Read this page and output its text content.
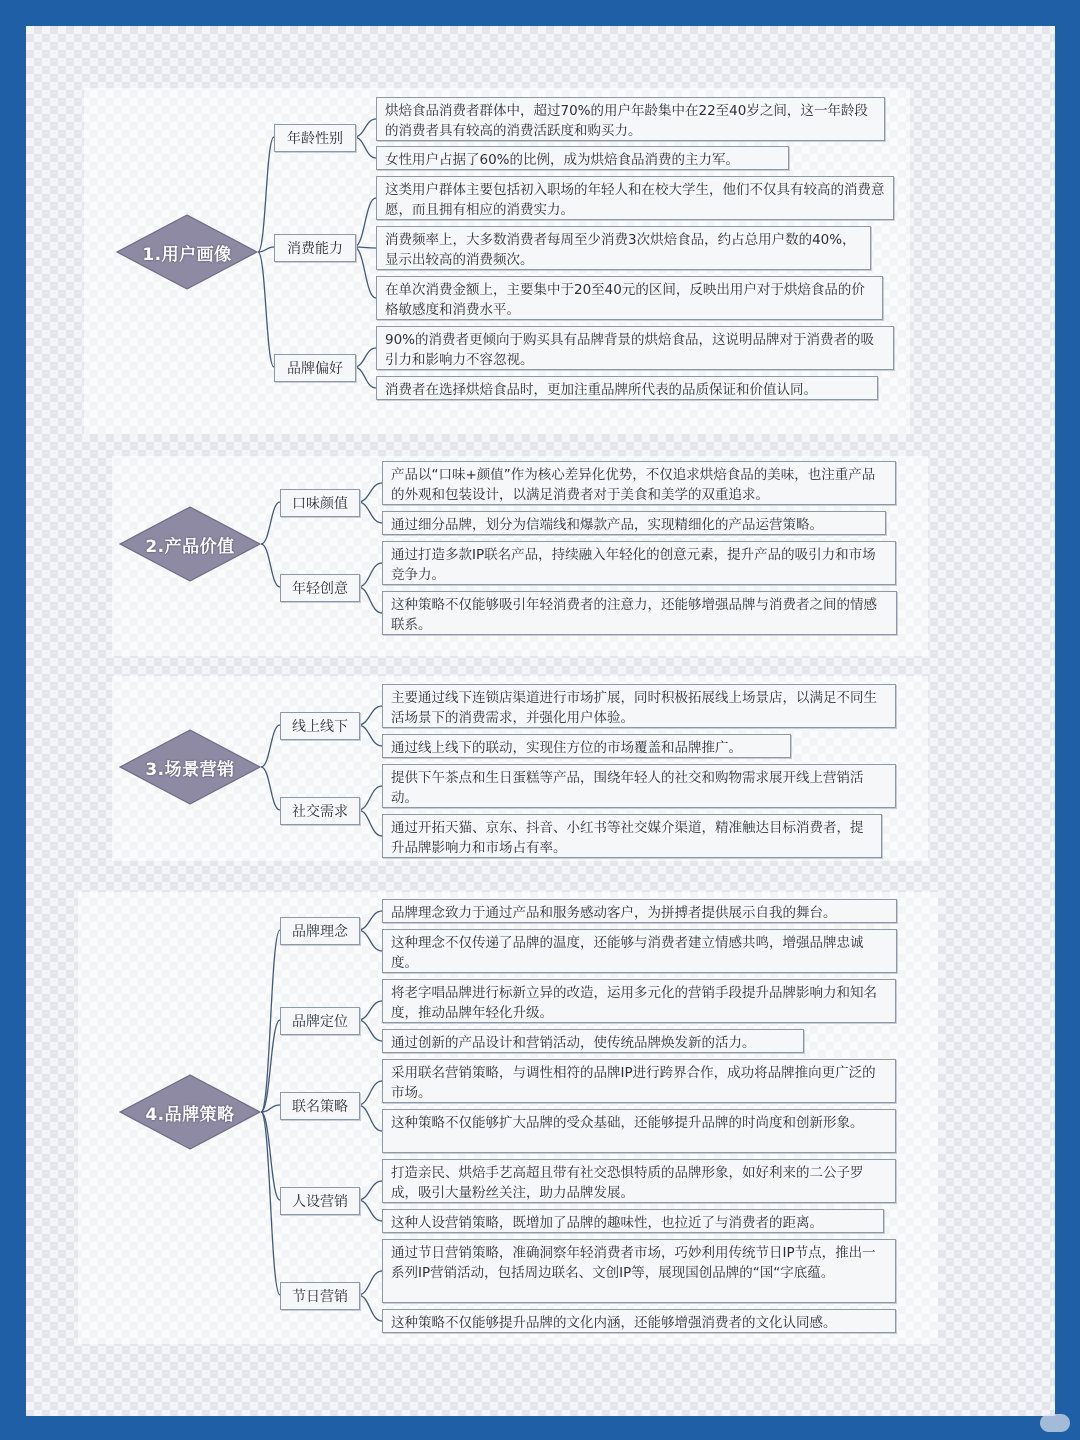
1.用户画像
年龄性别
烘焙食品消费者群体中，超过70%的用户年龄集中在22至40岁之间，这一年龄段的消费者具有较高的消费活跃度和购买力。
女性用户占据了60%的比例，成为烘焙食品消费的主力军。
消费能力
这类用户群体主要包括初入职场的年轻人和在校大学生，他们不仅具有较高的消费意愿，而且拥有相应的消费实力。
消费频率上，大多数消费者每周至少消费3次烘焙食品，约占总用户数的40%，显示出较高的消费频次。
在单次消费金额上，主要集中于20至40元的区间，反映出用户对于烘焙食品的价格敏感度和消费水平。
品牌偏好
90%的消费者更倾向于购买具有品牌背景的烘焙食品，这说明品牌对于消费者的吸引力和影响力不容忽视。
消费者在选择烘焙食品时，更加注重品牌所代表的品质保证和价值认同。
2.产品价值
口味颜值
产品以“口味+颜值”作为核心差异化优势，不仅追求烘焙食品的美味，也注重产品的外观和包装设计，以满足消费者对于美食和美学的双重追求。
通过细分品牌，划分为信端线和爆款产品，实现精细化的产品运营策略。
年轻创意
通过打造多款IP联名产品，持续融入年轻化的创意元素，提升产品的吸引力和市场竞争力。
这种策略不仅能够吸引年轻消费者的注意力，还能够增强品牌与消费者之间的情感联系。
3.场景营销
线上线下
主要通过线下连锁店渠道进行市场扩展，同时积极拓展线上场景店，以满足不同生活场景下的消费需求，并强化用户体验。
通过线上线下的联动，实现住方位的市场覆盖和品牌推广。
社交需求
提供下午茶点和生日蛋糕等产品，围绕年轻人的社交和购物需求展开线上营销活动。
通过开拓天猫、京东、抖音、小红书等社交媒介渠道，精准触达目标消费者，提升品牌影响力和市场占有率。
4.品牌策略
品牌理念
品牌理念致力于通过产品和服务感动客户，为拼搏者提供展示自我的舞台。
这种理念不仅传递了品牌的温度，还能够与消费者建立情感共鸣，增强品牌忠诚度。
品牌定位
将老字唱品牌进行标新立异的改造，运用多元化的营销手段提升品牌影响力和知名度，推动品牌年轻化升级。
通过创新的产品设计和营销活动，使传统品牌焕发新的活力。
联名策略
采用联名营销策略，与调性相符的品牌IP进行跨界合作，成功将品牌推向更广泛的市场。
这种策略不仅能够扩大品牌的受众基础，还能够提升品牌的时尚度和创新形象。
人设营销
打造亲民、烘焙手艺高超且带有社交恐惧特质的品牌形象，如好利来的二公子罗成，吸引大量粉丝关注，助力品牌发展。
这种人设营销策略，既增加了品牌的趣味性，也拉近了与消费者的距离。
节日营销
通过节日营销策略，准确洞察年轻消费者市场，巧妙利用传统节日IP节点，推出一系列IP营销活动，包括周边联名、文创IP等，展现国创品牌的“国“字底蕴。
这种策略不仅能够提升品牌的文化内涵，还能够增强消费者的文化认同感。
